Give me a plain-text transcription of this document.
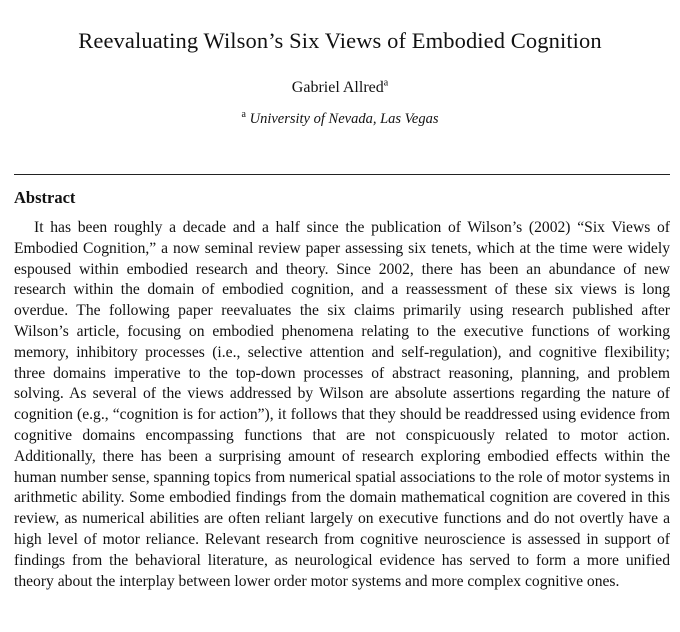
Reevaluating Wilson’s Six Views of Embodied Cognition
Gabriel Allred$^a$
$^a$ University of Nevada, Las Vegas
Abstract

It has been roughly a decade and a half since the publication of Wilson’s (2002) “Six Views of Embodied Cognition,” a now seminal review paper assessing six tenets, which at the time were widely espoused within embodied research and theory. Since 2002, there has been an abundance of new research within the domain of embodied cognition, and a reassessment of these six views is long overdue. The following paper reevaluates the six claims primarily using research published after Wilson’s article, focusing on embodied phenomena relating to the executive functions of working memory, inhibitory processes (i.e., selective attention and self-regulation), and cognitive flexibility; three domains imperative to the top-down processes of abstract reasoning, planning, and problem solving. As several of the views addressed by Wilson are absolute assertions regarding the nature of cognition (e.g., “cognition is for action”), it follows that they should be readdressed using evidence from cognitive domains encompassing functions that are not conspicuously related to motor action. Additionally, there has been a surprising amount of research exploring embodied effects within the human number sense, spanning topics from numerical spatial associations to the role of motor systems in arithmetic ability. Some embodied findings from the domain mathematical cognition are covered in this review, as numerical abilities are often reliant largely on executive functions and do not overtly have a high level of motor reliance. Relevant research from cognitive neuroscience is assessed in support of findings from the behavioral literature, as neurological evidence has served to form a more unified theory about the interplay between lower order motor systems and more complex cognitive ones.
